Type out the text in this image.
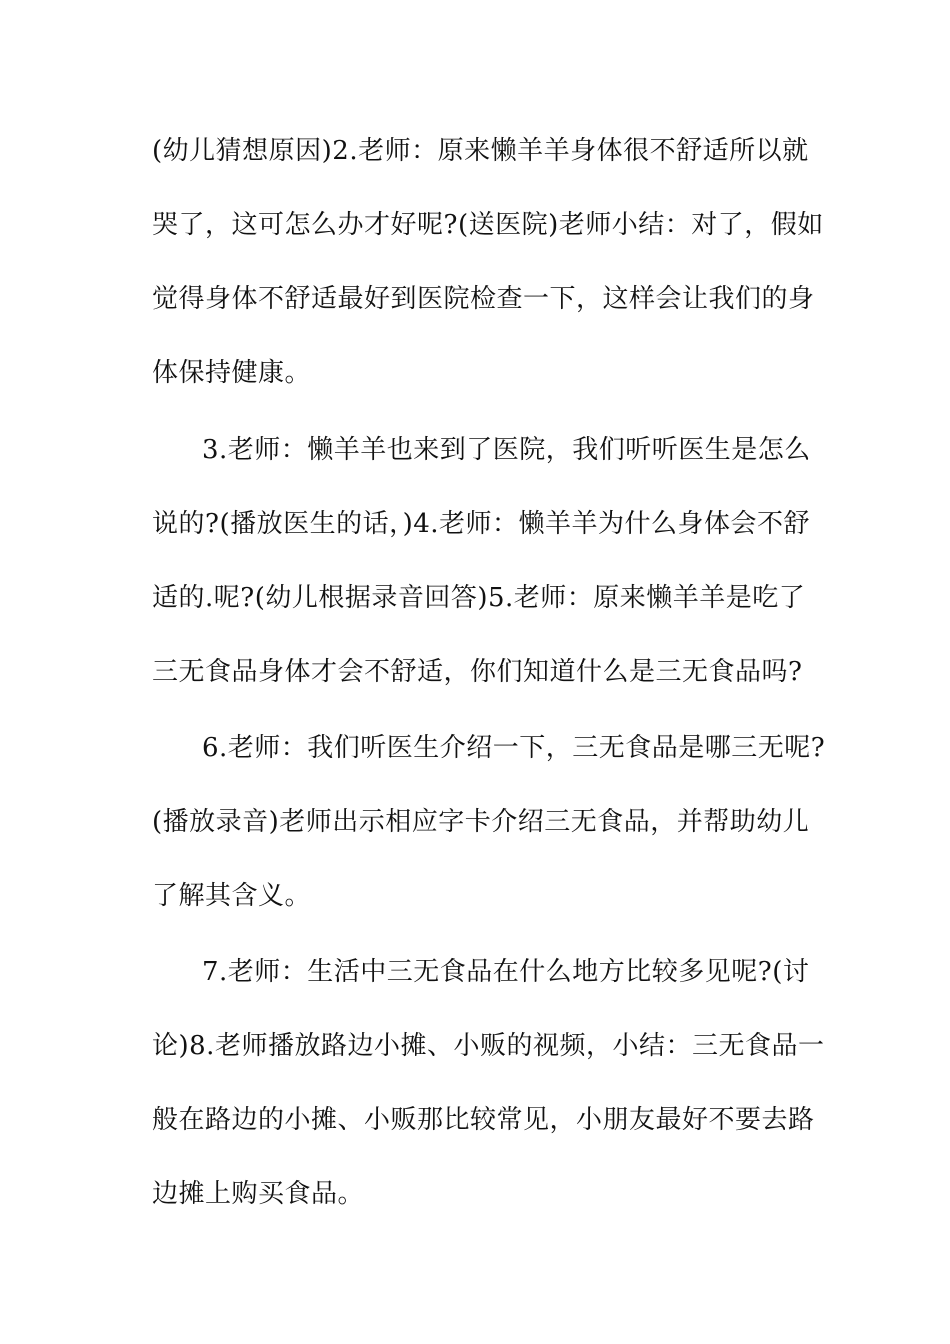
(幼儿猜想原因)2.老师：原来懒羊羊身体很不舒适所以就
哭了，这可怎么办才好呢?(送医院)老师小结：对了，假如
觉得身体不舒适最好到医院检查一下，这样会让我们的身
体保持健康。
3.老师：懒羊羊也来到了医院，我们听听医生是怎么
说的?(播放医生的话，)4.老师：懒羊羊为什么身体会不舒
适的.呢?(幼儿根据录音回答)5.老师：原来懒羊羊是吃了
三无食品身体才会不舒适，你们知道什么是三无食品吗?
6.老师：我们听医生介绍一下，三无食品是哪三无呢?
(播放录音)老师出示相应字卡介绍三无食品，并帮助幼儿
了解其含义。
7.老师：生活中三无食品在什么地方比较多见呢?(讨
论)8.老师播放路边小摊、小贩的视频，小结：三无食品一
般在路边的小摊、小贩那比较常见，小朋友最好不要去路
边摊上购买食品。
